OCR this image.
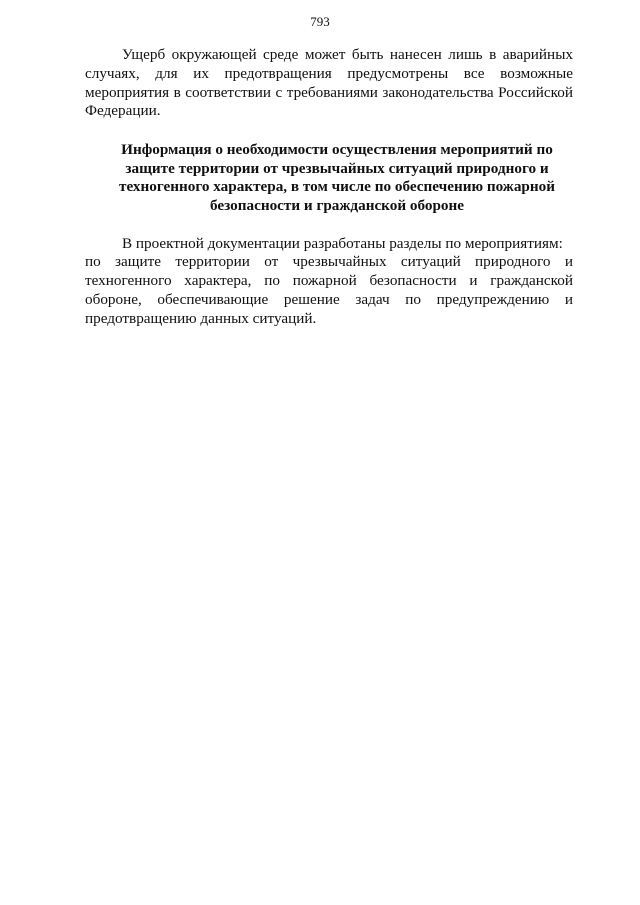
793

Ущерб окружающей среде может быть нанесен лишь в аварийных случаях, для их предотвращения предусмотрены все возможные мероприятия в соответствии с требованиями законодательства Российской Федерации.

Информация о необходимости осуществления мероприятий по защите территории от чрезвычайных ситуаций природного и техногенного характера, в том числе по обеспечению пожарной безопасности и гражданской обороне

В проектной документации разработаны разделы по мероприятиям:

по защите территории от чрезвычайных ситуаций природного и техногенного характера, по пожарной безопасности и гражданской обороне, обеспечивающие решение задач по предупреждению и предотвращению данных ситуаций.
